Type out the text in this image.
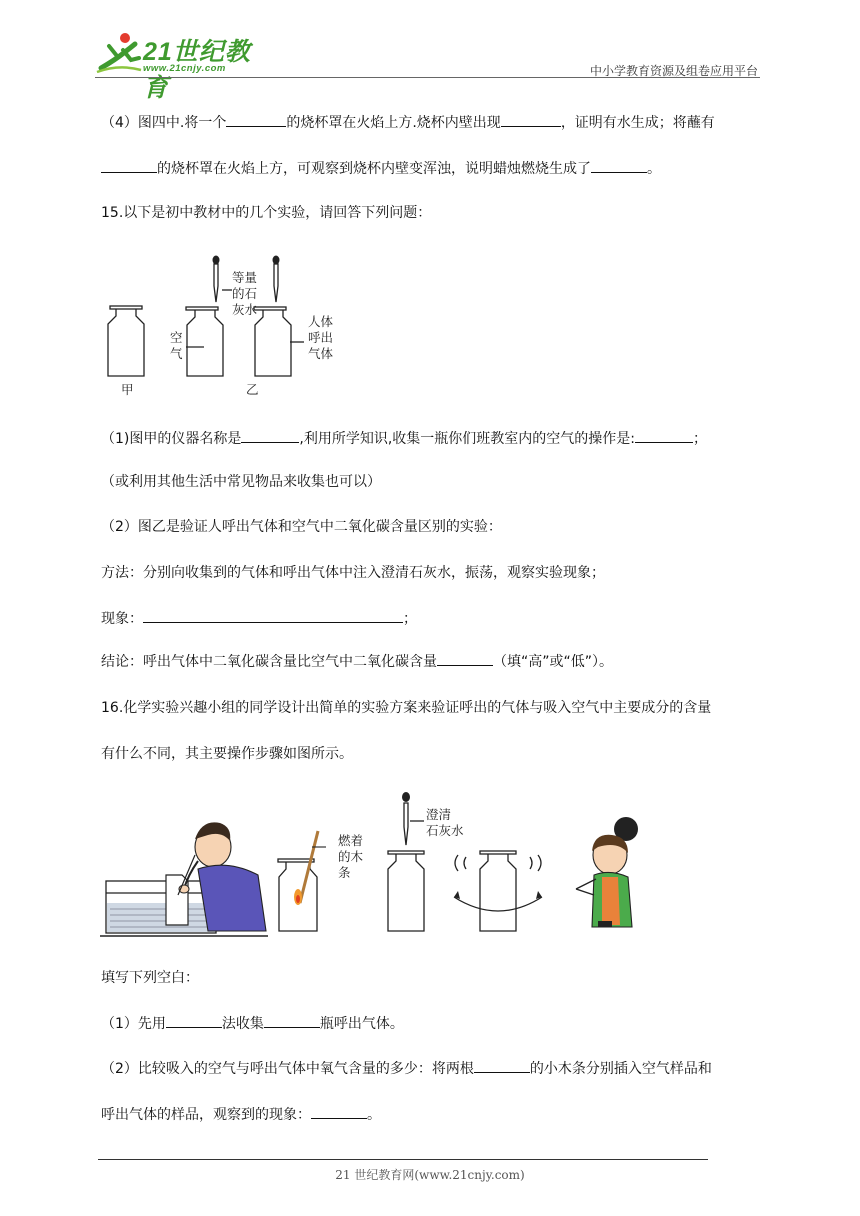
21世纪教育
www.21cnjy.com	中小学教育资源及组卷应用平台
（4）图四中.将一个	的烧杯罩在火焰上方.烧杯内壁出现	，证明有水生成；将蘸有
的烧杯罩在火焰上方，可观察到烧杯内壁变浑浊，说明蜡烛燃烧生成了	。
15.以下是初中教材中的几个实验，请回答下列问题：
等量
的石
灰水
空
气
人体
呼出
气体
甲	乙
（1)图甲的仪器名称是	,利用所学知识,收集一瓶你们班教室内的空气的操作是:	；
（或利用其他生活中常见物品来收集也可以）
（2）图乙是验证人呼出气体和空气中二氧化碳含量区别的实验：
方法：分别向收集到的气体和呼出气体中注入澄清石灰水，振荡，观察实验现象；
现象：	；
结论：呼出气体中二氧化碳含量比空气中二氧化碳含量	（填“高”或“低”）。
16.化学实验兴趣小组的同学设计出简单的实验方案来验证呼出的气体与吸入空气中主要成分的含量
有什么不同，其主要操作步骤如图所示。
燃着
的木
条
澄清
石灰水
填写下列空白：
（1）先用	法收集	瓶呼出气体。
（2）比较吸入的空气与呼出气体中氧气含量的多少：将两根	的小木条分别插入空气样品和
呼出气体的样品，观察到的现象：	。
21 世纪教育网(www.21cnjy.com)
